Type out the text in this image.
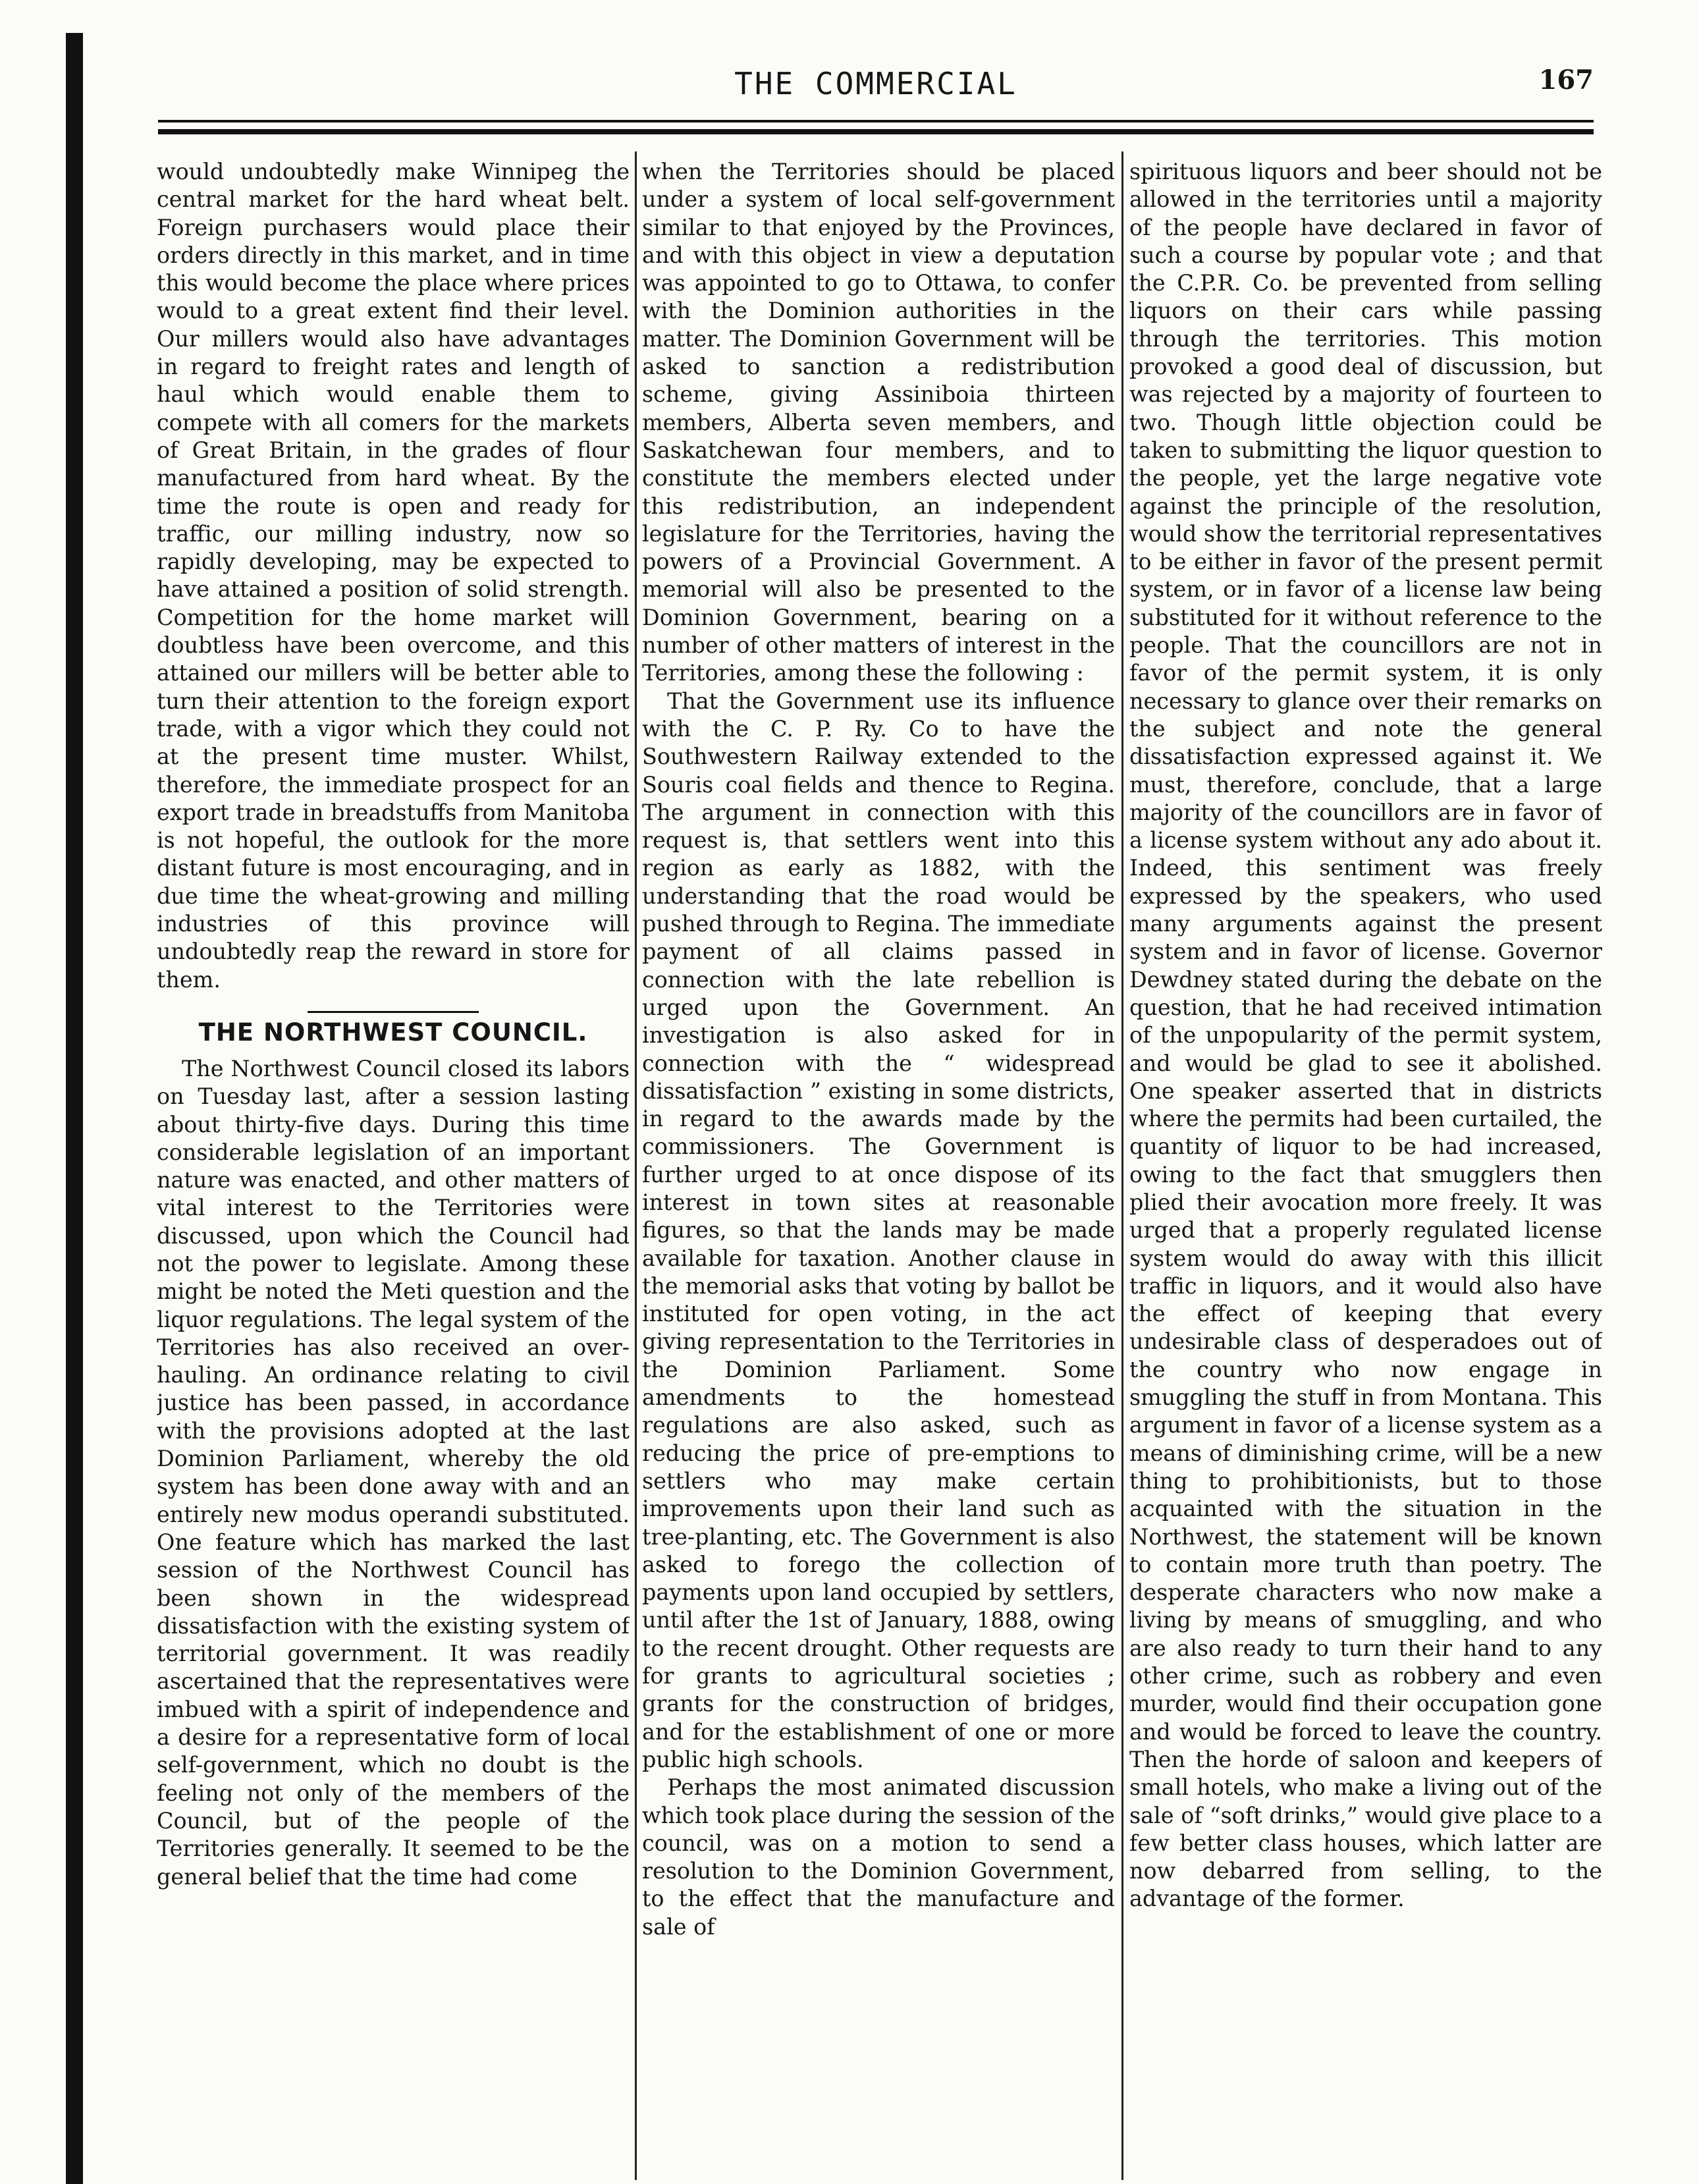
THE COMMERCIAL	167

would undoubtedly make Winnipeg the central market for the hard wheat belt. Foreign purchasers would place their orders directly in this market, and in time this would become the place where prices would to a great extent find their level. Our millers would also have advantages in regard to freight rates and length of haul which would enable them to compete with all comers for the markets of Great Britain, in the grades of flour manufactured from hard wheat. By the time the route is open and ready for traffic, our milling industry, now so rapidly developing, may be expected to have attained a position of solid strength. Competition for the home market will doubtless have been overcome, and this attained our millers will be better able to turn their attention to the foreign export trade, with a vigor which they could not at the present time muster. Whilst, therefore, the immediate prospect for an export trade in breadstuffs from Manitoba is not hopeful, the outlook for the more distant future is most encouraging, and in due time the wheat-growing and milling industries of this province will undoubtedly reap the reward in store for them.

THE NORTHWEST COUNCIL.

The Northwest Council closed its labors on Tuesday last, after a session lasting about thirty-five days. During this time considerable legislation of an important nature was enacted, and other matters of vital interest to the Territories were discussed, upon which the Council had not the power to legislate. Among these might be noted the Meti question and the liquor regulations. The legal system of the Territories has also received an over-hauling. An ordinance relating to civil justice has been passed, in accordance with the provisions adopted at the last Dominion Parliament, whereby the old system has been done away with and an entirely new modus operandi substituted. One feature which has marked the last session of the Northwest Council has been shown in the widespread dissatisfaction with the existing system of territorial government. It was readily ascertained that the representatives were imbued with a spirit of independence and a desire for a representative form of local self-government, which no doubt is the feeling not only of the members of the Council, but of the people of the Territories generally. It seemed to be the general belief that the time had come

when the Territories should be placed under a system of local self-government similar to that enjoyed by the Provinces, and with this object in view a deputation was appointed to go to Ottawa, to confer with the Dominion authorities in the matter. The Dominion Government will be asked to sanction a redistribution scheme, giving Assiniboia thirteen members, Alberta seven members, and Saskatchewan four members, and to constitute the members elected under this redistribution, an independent legislature for the Territories, having the powers of a Provincial Government. A memorial will also be presented to the Dominion Government, bearing on a number of other matters of interest in the Territories, among these the following :

That the Government use its influence with the C. P. Ry. Co to have the Southwestern Railway extended to the Souris coal fields and thence to Regina. The argument in connection with this request is, that settlers went into this region as early as 1882, with the understanding that the road would be pushed through to Regina. The immediate payment of all claims passed in connection with the late rebellion is urged upon the Government. An investigation is also asked for in connection with the “ widespread dissatisfaction ” existing in some districts, in regard to the awards made by the commissioners. The Government is further urged to at once dispose of its interest in town sites at reasonable figures, so that the lands may be made available for taxation. Another clause in the memorial asks that voting by ballot be instituted for open voting, in the act giving representation to the Territories in the Dominion Parliament. Some amendments to the homestead regulations are also asked, such as reducing the price of pre-emptions to settlers who may make certain improvements upon their land such as tree-planting, etc. The Government is also asked to forego the collection of payments upon land occupied by settlers, until after the 1st of January, 1888, owing to the recent drought. Other requests are for grants to agricultural societies ; grants for the construction of bridges, and for the establishment of one or more public high schools.

Perhaps the most animated discussion which took place during the session of the council, was on a motion to send a resolution to the Dominion Government, to the effect that the manufacture and sale of

spirituous liquors and beer should not be allowed in the territories until a majority of the people have declared in favor of such a course by popular vote ; and that the C.P.R. Co. be prevented from selling liquors on their cars while passing through the territories. This motion provoked a good deal of discussion, but was rejected by a majority of fourteen to two. Though little objection could be taken to submitting the liquor question to the people, yet the large negative vote against the principle of the resolution, would show the territorial representatives to be either in favor of the present permit system, or in favor of a license law being substituted for it without reference to the people. That the councillors are not in favor of the permit system, it is only necessary to glance over their remarks on the subject and note the general dissatisfaction expressed against it. We must, therefore, conclude, that a large majority of the councillors are in favor of a license system without any ado about it. Indeed, this sentiment was freely expressed by the speakers, who used many arguments against the present system and in favor of license. Governor Dewdney stated during the debate on the question, that he had received intimation of the unpopularity of the permit system, and would be glad to see it abolished. One speaker asserted that in districts where the permits had been curtailed, the quantity of liquor to be had increased, owing to the fact that smugglers then plied their avocation more freely. It was urged that a properly regulated license system would do away with this illicit traffic in liquors, and it would also have the effect of keeping that every undesirable class of desperadoes out of the country who now engage in smuggling the stuff in from Montana. This argument in favor of a license system as a means of diminishing crime, will be a new thing to prohibitionists, but to those acquainted with the situation in the Northwest, the statement will be known to contain more truth than poetry. The desperate characters who now make a living by means of smuggling, and who are also ready to turn their hand to any other crime, such as robbery and even murder, would find their occupation gone and would be forced to leave the country. Then the horde of saloon and keepers of small hotels, who make a living out of the sale of “soft drinks,” would give place to a few better class houses, which latter are now debarred from selling, to the advantage of the former.
